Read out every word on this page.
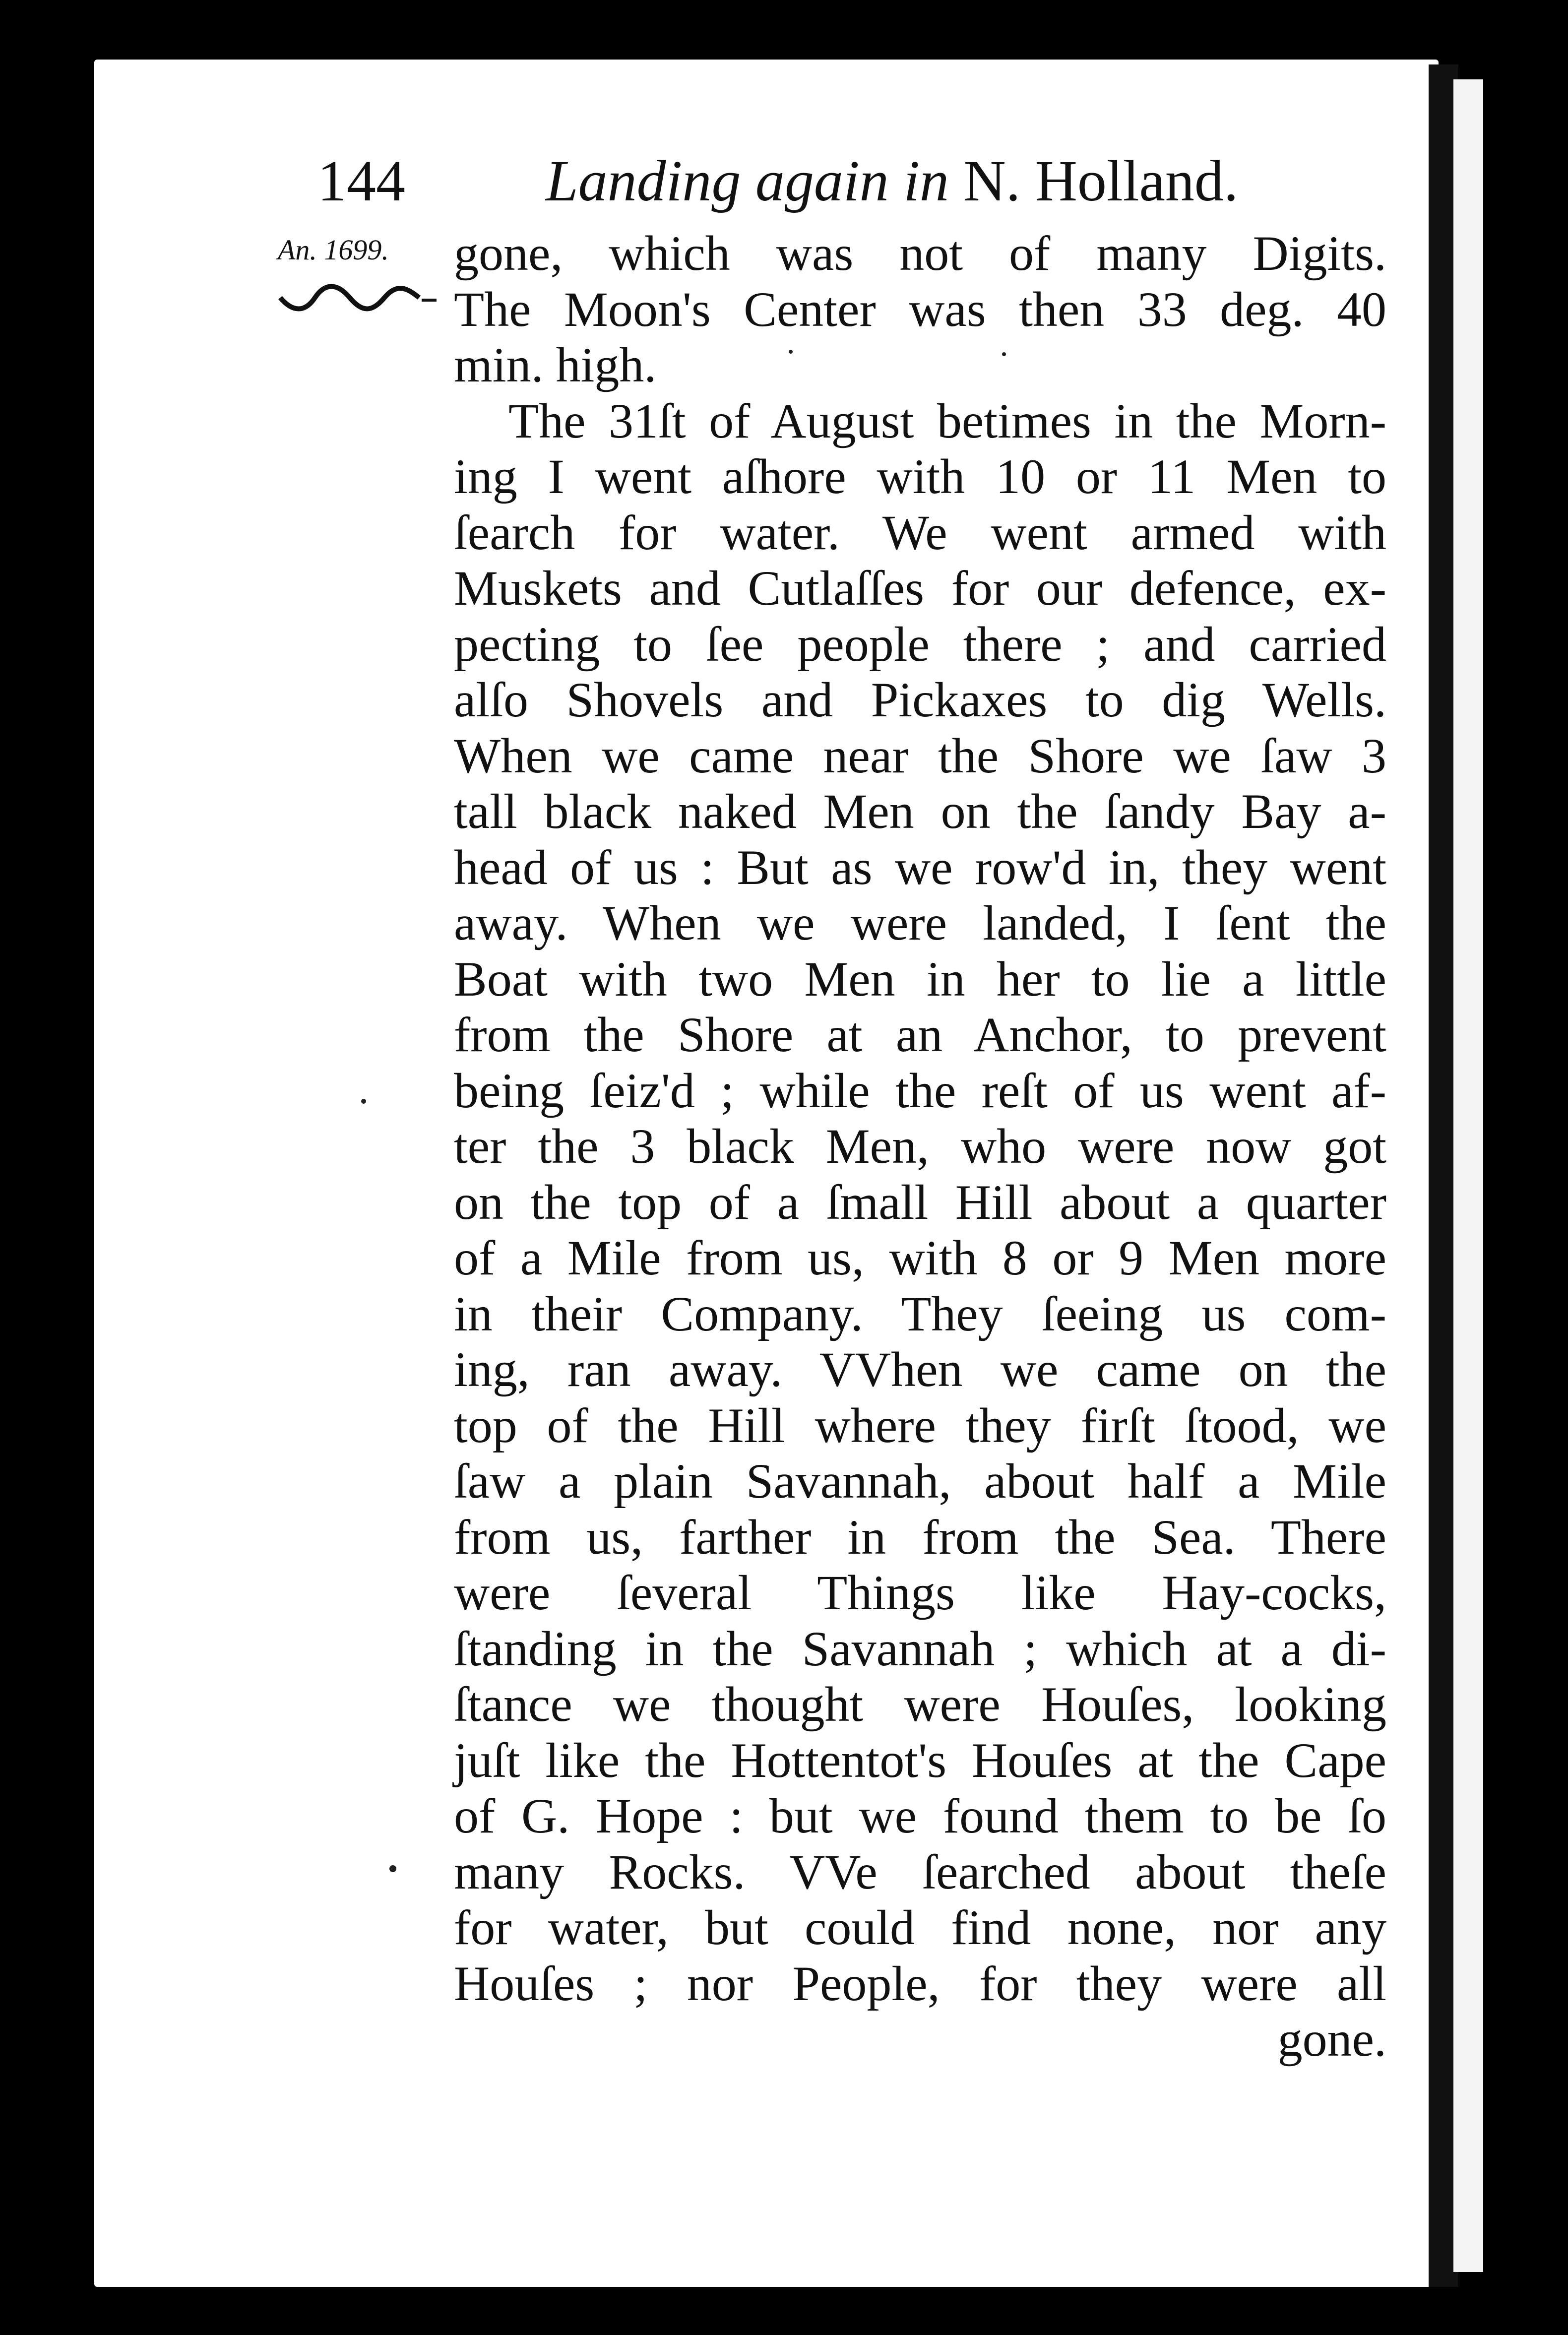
144 Landing again in N. Holland.
An. 1699. gone, which was not of many Digits.
The Moon's Center was then 33 deg. 40
min. high.
The 31ſt of August betimes in the Morn-
ing I went aſhore with 10 or 11 Men to
ſearch for water. We went armed with
Muskets and Cutlaſſes for our defence, ex-
pecting to ſee people there ; and carried
alſo Shovels and Pickaxes to dig Wells.
When we came near the Shore we ſaw 3
tall black naked Men on the ſandy Bay a-
head of us : But as we row'd in, they went
away. When we were landed, I ſent the
Boat with two Men in her to lie a little
from the Shore at an Anchor, to prevent
being ſeiz'd ; while the reſt of us went af-
ter the 3 black Men, who were now got
on the top of a ſmall Hill about a quarter
of a Mile from us, with 8 or 9 Men more
in their Company. They ſeeing us com-
ing, ran away. VVhen we came on the
top of the Hill where they firſt ſtood, we
ſaw a plain Savannah, about half a Mile
from us, farther in from the Sea. There
were ſeveral Things like Hay-cocks,
ſtanding in the Savannah ; which at a di-
ſtance we thought were Houſes, looking
juſt like the Hottentot's Houſes at the Cape
of G. Hope : but we found them to be ſo
many Rocks. VVe ſearched about theſe
for water, but could find none, nor any
Houſes ; nor People, for they were all
gone.
